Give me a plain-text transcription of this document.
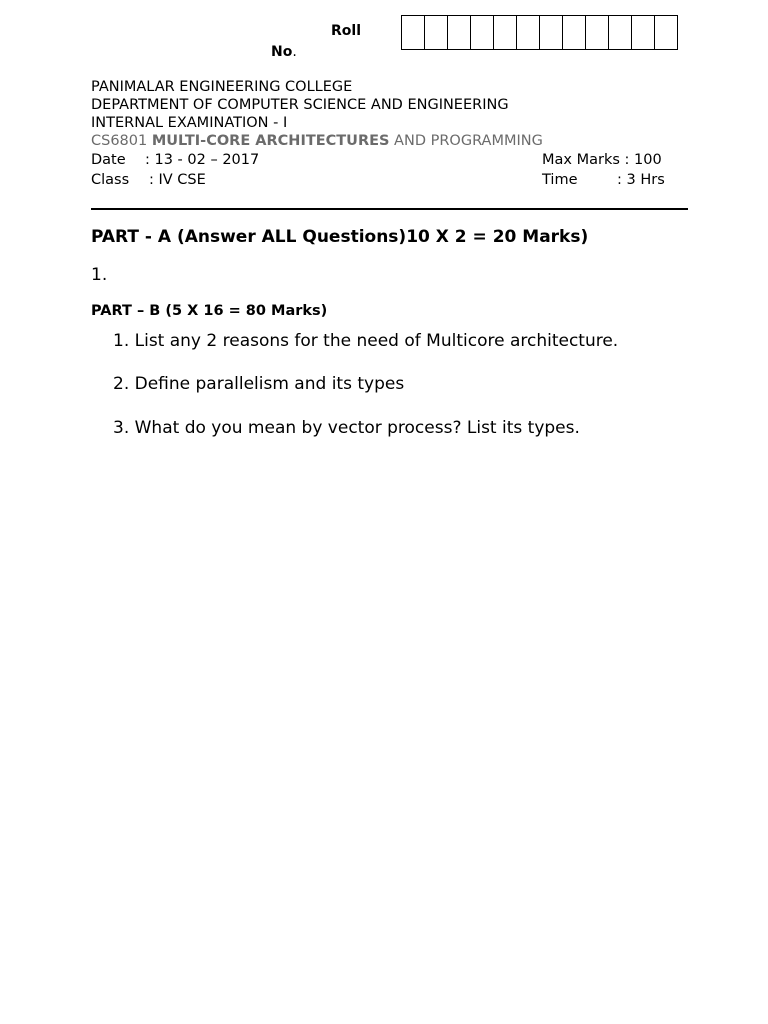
Roll
No.
PANIMALAR ENGINEERING COLLEGE
DEPARTMENT OF COMPUTER SCIENCE AND ENGINEERING
INTERNAL EXAMINATION - I
CS6801 MULTI-CORE ARCHITECTURES AND PROGRAMMING
Date : 13 - 02 – 2017
Class : IV CSE
Max Marks : 100
Time	: 3 Hrs
PART - A (Answer ALL Questions)10 X 2 = 20 Marks)
1.
PART – B (5 X 16 = 80 Marks)
1. List any 2 reasons for the need of Multicore architecture.
2. Define parallelism and its types
3. What do you mean by vector process? List its types.
